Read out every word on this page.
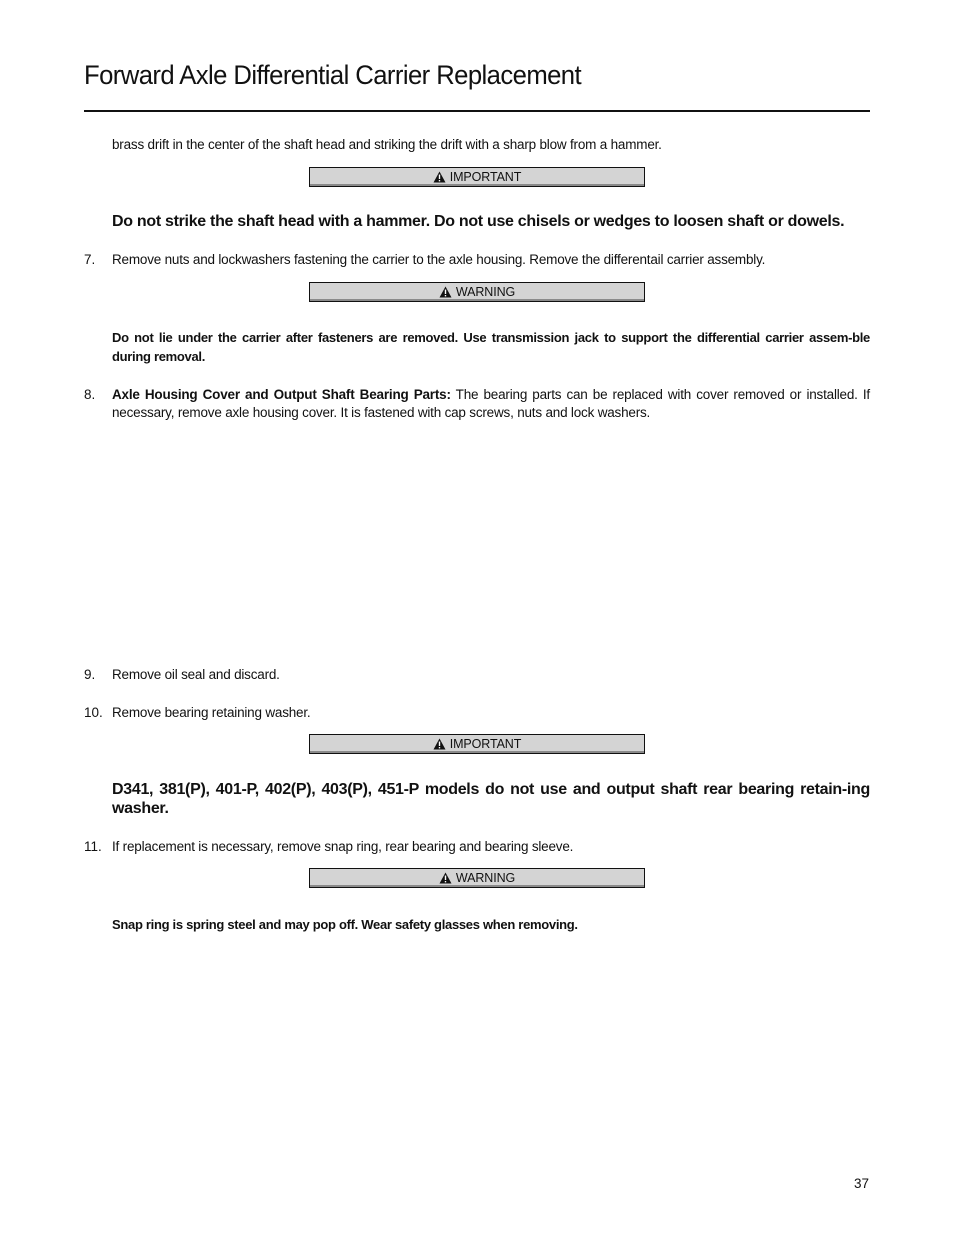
Forward Axle Differential Carrier Replacement
brass drift in the center of the shaft head and striking the drift with a sharp blow from a hammer.
IMPORTANT
Do not strike the shaft head with a hammer. Do not use chisels or wedges to loosen shaft or dowels.
7. Remove nuts and lockwashers fastening the carrier to the axle housing. Remove the differentail carrier assembly.
WARNING
Do not lie under the carrier after fasteners are removed. Use transmission jack to support the differential carrier assem-ble during removal.
8. Axle Housing Cover and Output Shaft Bearing Parts: The bearing parts can be replaced with cover removed or installed. If necessary, remove axle housing cover. It is fastened with cap screws, nuts and lock washers.
9. Remove oil seal and discard.
10. Remove bearing retaining washer.
IMPORTANT
D341, 381(P), 401-P, 402(P), 403(P), 451-P models do not use and output shaft rear bearing retain-ing washer.
11. If replacement is necessary, remove snap ring, rear bearing and bearing sleeve.
WARNING
Snap ring is spring steel and may pop off. Wear safety glasses when removing.
37
